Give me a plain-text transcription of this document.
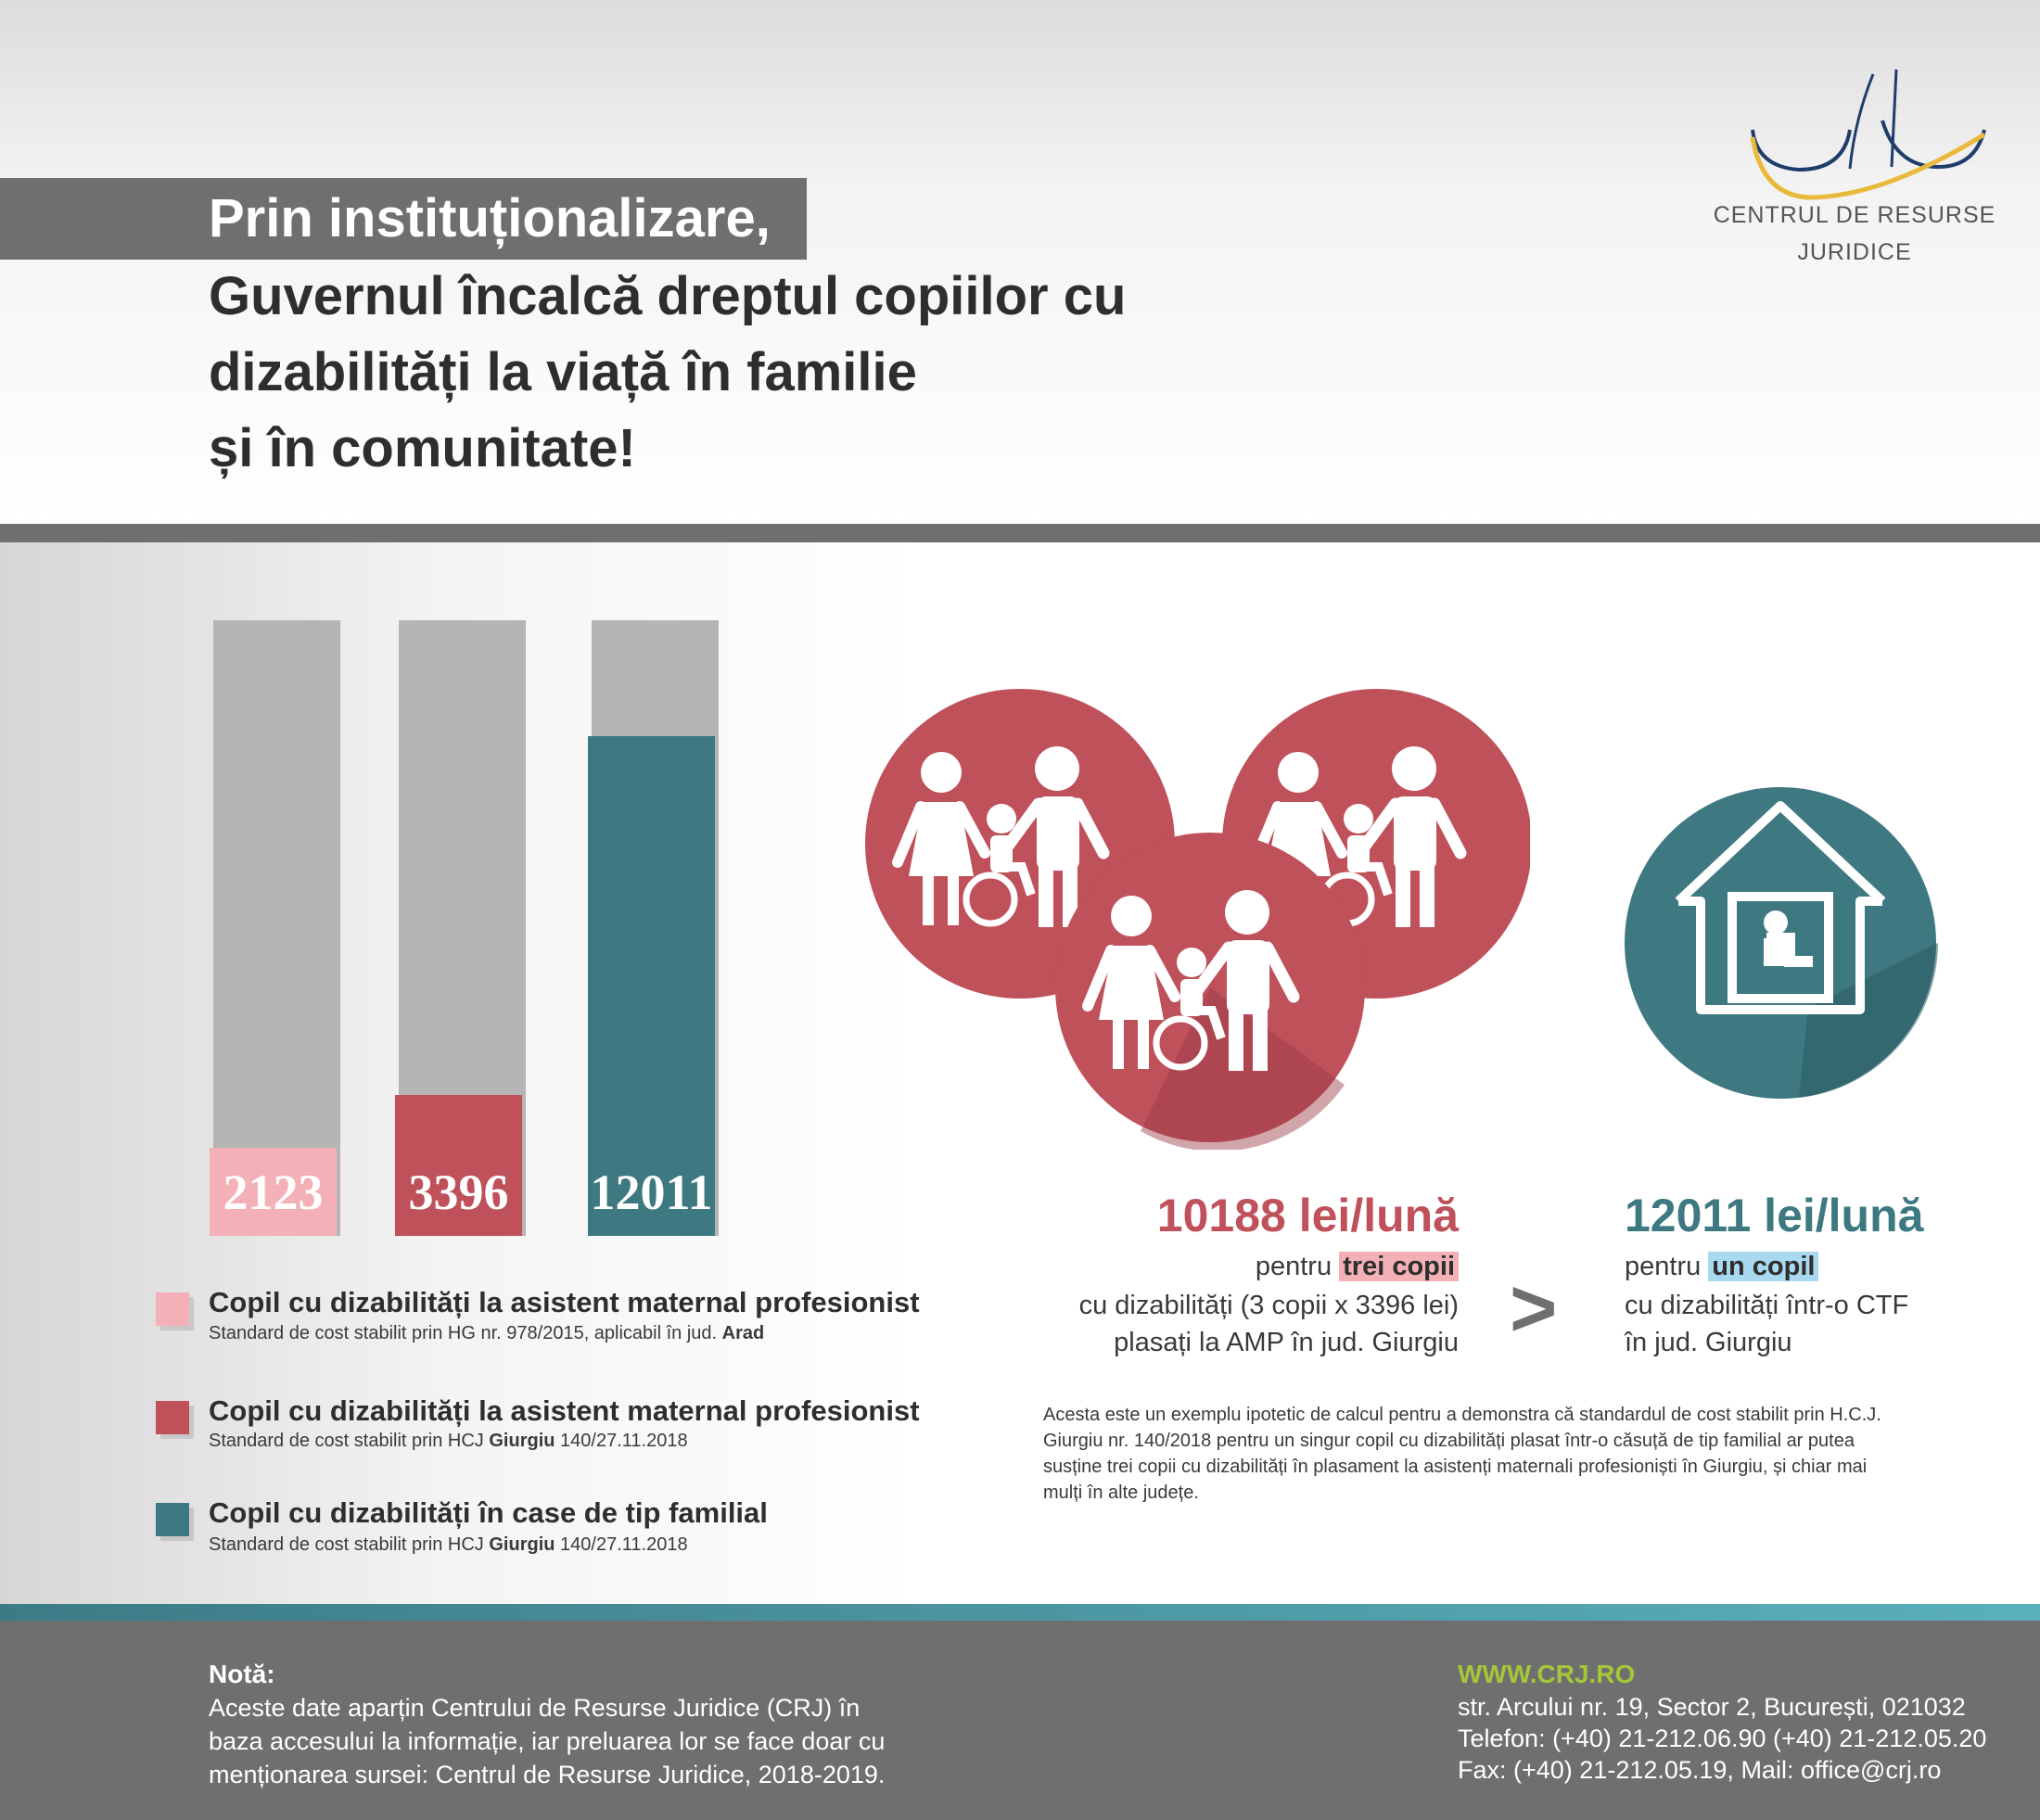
Prin instituționalizare,
Guvernul încalcă dreptul copiilor cu
dizabilități la viață în familie
și în comunitate!
CENTRUL DE RESURSE
JURIDICE
2123 3396 12011
Copil cu dizabilități la asistent maternal profesionist
Standard de cost stabilit prin HG nr. 978/2015, aplicabil în jud. Arad
Copil cu dizabilități la asistent maternal profesionist
Standard de cost stabilit prin HCJ Giurgiu 140/27.11.2018
Copil cu dizabilități în case de tip familial
Standard de cost stabilit prin HCJ Giurgiu 140/27.11.2018
10188 lei/lună
pentru trei copii
cu dizabilități (3 copii x 3396 lei)
plasați la AMP în jud. Giurgiu >
12011 lei/lună
pentru un copil
cu dizabilități într-o CTF
în jud. Giurgiu
Acesta este un exemplu ipotetic de calcul pentru a demonstra că standardul de cost stabilit prin H.C.J. Giurgiu nr. 140/2018 pentru un singur copil cu dizabilități plasat într-o căsuță de tip familial ar putea susține trei copii cu dizabilități în plasament la asistenți maternali profesioniști în Giurgiu, și chiar mai mulți în alte județe.
Notă:
Aceste date aparțin Centrului de Resurse Juridice (CRJ) în baza accesului la informație, iar preluarea lor se face doar cu menționarea sursei: Centrul de Resurse Juridice, 2018-2019.
WWW.CRJ.RO
str. Arcului nr. 19, Sector 2, București, 021032
Telefon: (+40) 21-212.06.90 (+40) 21-212.05.20
Fax: (+40) 21-212.05.19, Mail: office@crj.ro
